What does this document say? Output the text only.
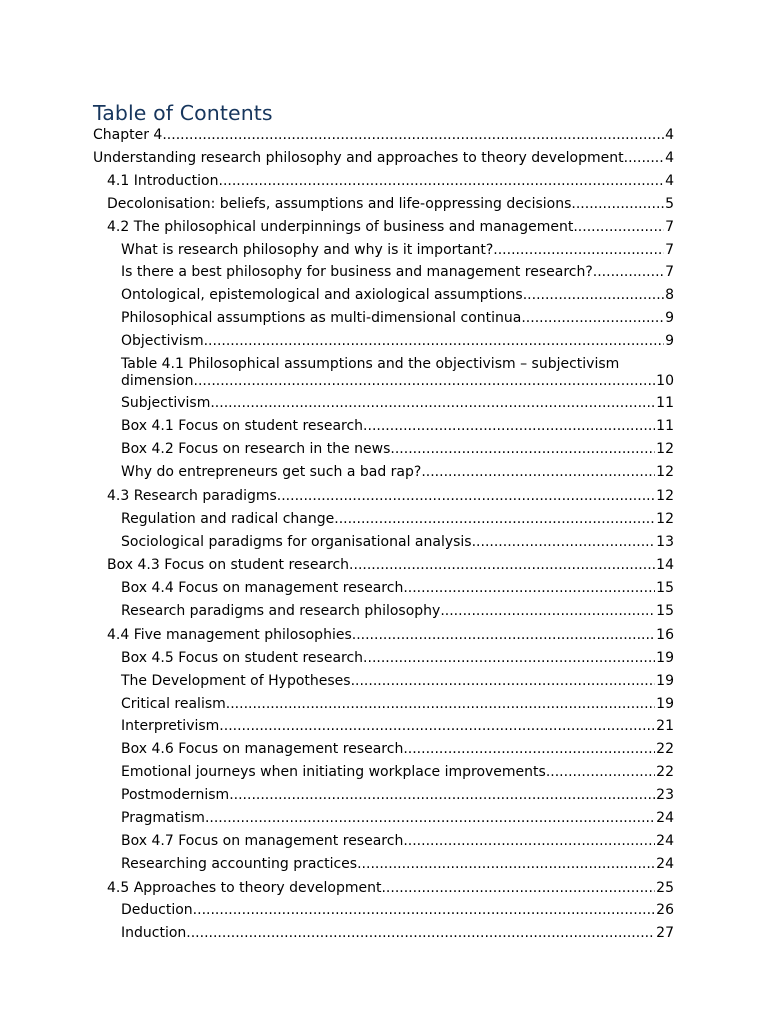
Table of Contents
Chapter 4 .....	4
Understanding research philosophy and approaches to theory development .....	4
4.1 Introduction .....	4
Decolonisation: beliefs, assumptions and life-oppressing decisions .....	5
4.2 The philosophical underpinnings of business and management .....	7
What is research philosophy and why is it important? .....	7
Is there a best philosophy for business and management research? .....	7
Ontological, epistemological and axiological assumptions .....	8
Philosophical assumptions as multi-dimensional continua .....	9
Objectivism .....	9
Table 4.1 Philosophical assumptions and the objectivism – subjectivism
dimension .....	10
Subjectivism .....	11
Box 4.1 Focus on student research .....	11
Box 4.2 Focus on research in the news .....	12
Why do entrepreneurs get such a bad rap? .....	12
4.3 Research paradigms .....	12
Regulation and radical change .....	12
Sociological paradigms for organisational analysis .....	13
Box 4.3 Focus on student research .....	14
Box 4.4 Focus on management research .....	15
Research paradigms and research philosophy .....	15
4.4 Five management philosophies .....	16
Box 4.5 Focus on student research .....	19
The Development of Hypotheses .....	19
Critical realism .....	19
Interpretivism .....	21
Box 4.6 Focus on management research .....	22
Emotional journeys when initiating workplace improvements .....	22
Postmodernism .....	23
Pragmatism .....	24
Box 4.7 Focus on management research .....	24
Researching accounting practices .....	24
4.5 Approaches to theory development .....	25
Deduction .....	26
Induction .....	27
